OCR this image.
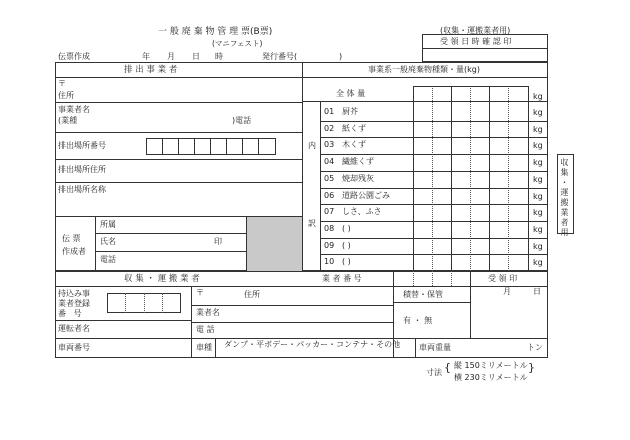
一 般 廃 棄 物 管 理 票(B票)
(マニフェスト)
(収集・運搬業者用)
受 領 日 時 確 認 印
伝票作成	年 月 日 時	発行番号(	)
排 出 事 業 者	事業系一般廃棄物種類・量(kg)
〒
住所
事業者名
(業種	)電話
排出場所番号
排出場所住所
排出場所名称
伝 票
作成者
所属
氏名	印
電話
内
訳
全 体 量	kg
01 厨芥	kg
02 紙くず	kg
03 木くず	kg
04 繊維くず	kg
05 焼却残灰	kg
06 道路公園ごみ	kg
07 しさ、ふさ	kg
08 ( )	kg
09 ( )	kg
10 ( )	kg
収 集 ・ 運 搬 業 者	業 者 番 号	受 領 印
月	日
持込み事
業者登録
番   号
〒	住所
業者名
運転者名	電 話
積替・保管
有 ・ 無
車両番号	車種 ダンプ・平ボデー・パッカー・コンテナ・その他 車両重量	トン
収集・運搬業者用
寸法 { 縦 150ミリメートル
横 230ミリメートル
}
